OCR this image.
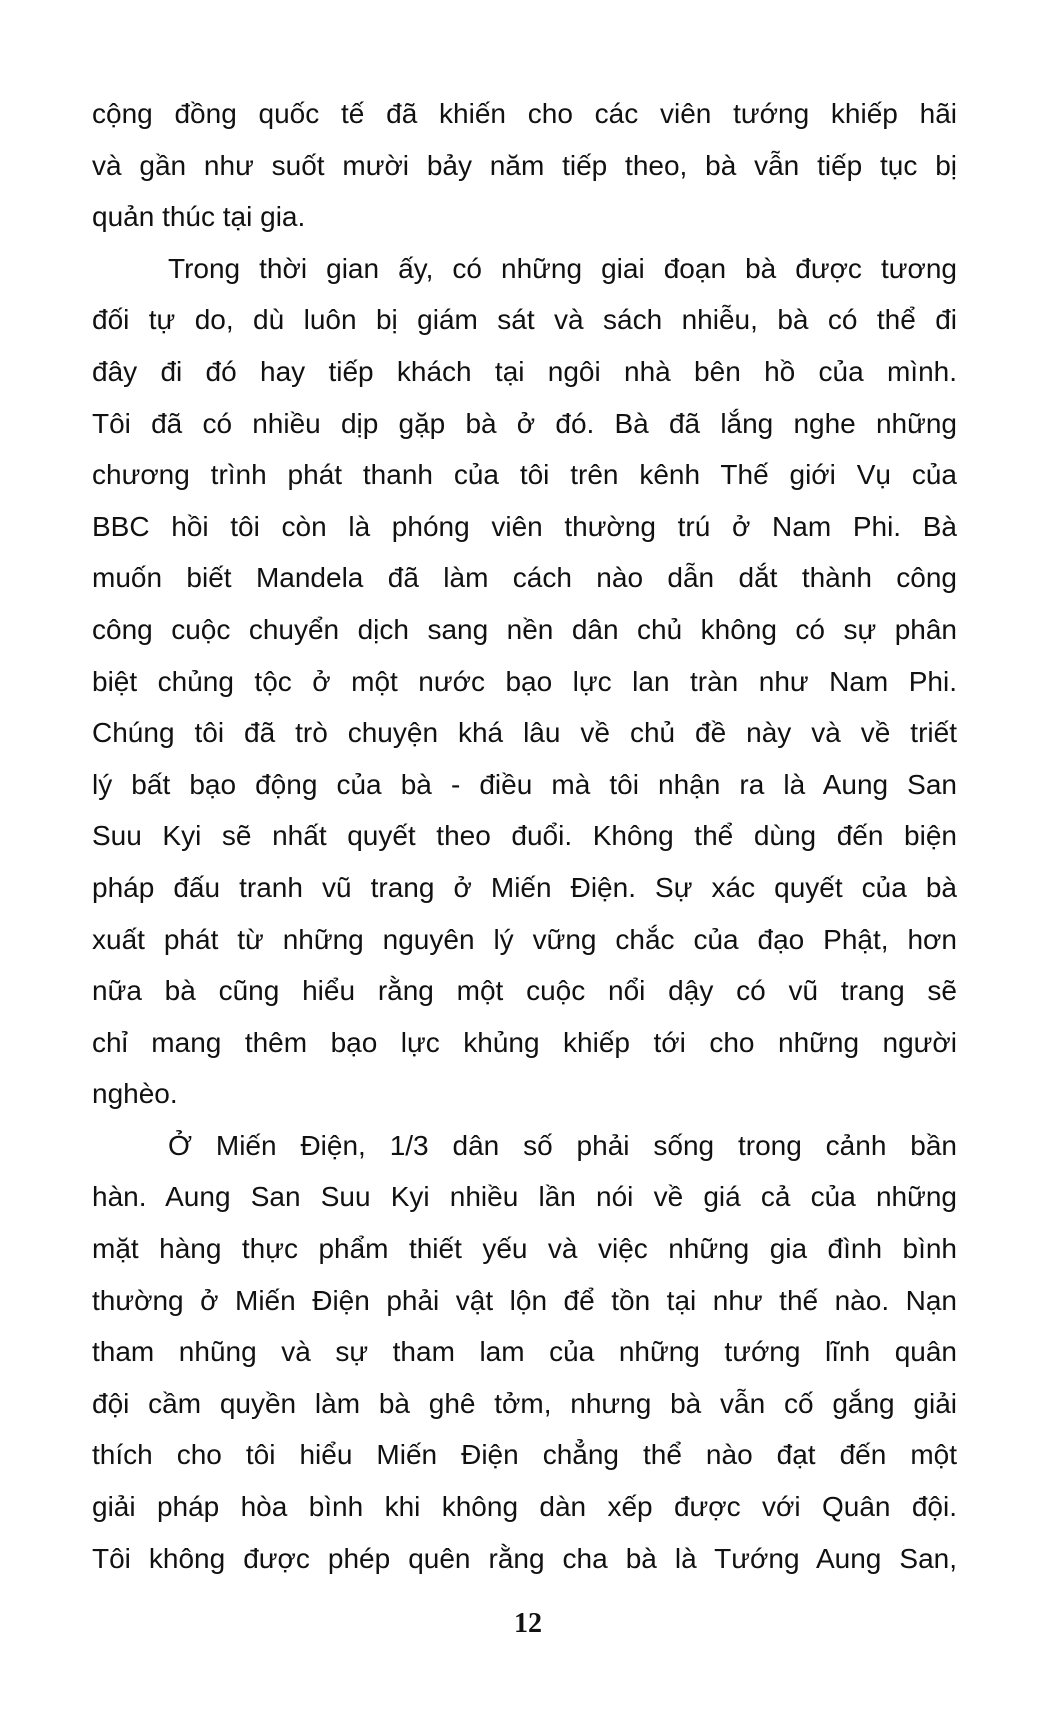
cộng đồng quốc tế đã khiến cho các viên tướng khiếp hãi
và gần như suốt mười bảy năm tiếp theo, bà vẫn tiếp tục bị
quản thúc tại gia.
Trong thời gian ấy, có những giai đoạn bà được tương
đối tự do, dù luôn bị giám sát và sách nhiễu, bà có thể đi
đây đi đó hay tiếp khách tại ngôi nhà bên hồ của mình.
Tôi đã có nhiều dịp gặp bà ở đó. Bà đã lắng nghe những
chương trình phát thanh của tôi trên kênh Thế giới Vụ của
BBC hồi tôi còn là phóng viên thường trú ở Nam Phi. Bà
muốn biết Mandela đã làm cách nào dẫn dắt thành công
công cuộc chuyển dịch sang nền dân chủ không có sự phân
biệt chủng tộc ở một nước bạo lực lan tràn như Nam Phi.
Chúng tôi đã trò chuyện khá lâu về chủ đề này và về triết
lý bất bạo động của bà - điều mà tôi nhận ra là Aung San
Suu Kyi sẽ nhất quyết theo đuổi. Không thể dùng đến biện
pháp đấu tranh vũ trang ở Miến Điện. Sự xác quyết của bà
xuất phát từ những nguyên lý vững chắc của đạo Phật, hơn
nữa bà cũng hiểu rằng một cuộc nổi dậy có vũ trang sẽ
chỉ mang thêm bạo lực khủng khiếp tới cho những người
nghèo.
Ở Miến Điện, 1/3 dân số phải sống trong cảnh bần
hàn. Aung San Suu Kyi nhiều lần nói về giá cả của những
mặt hàng thực phẩm thiết yếu và việc những gia đình bình
thường ở Miến Điện phải vật lộn để tồn tại như thế nào. Nạn
tham nhũng và sự tham lam của những tướng lĩnh quân
đội cầm quyền làm bà ghê tởm, nhưng bà vẫn cố gắng giải
thích cho tôi hiểu Miến Điện chẳng thể nào đạt đến một
giải pháp hòa bình khi không dàn xếp được với Quân đội.
Tôi không được phép quên rằng cha bà là Tướng Aung San,
12
